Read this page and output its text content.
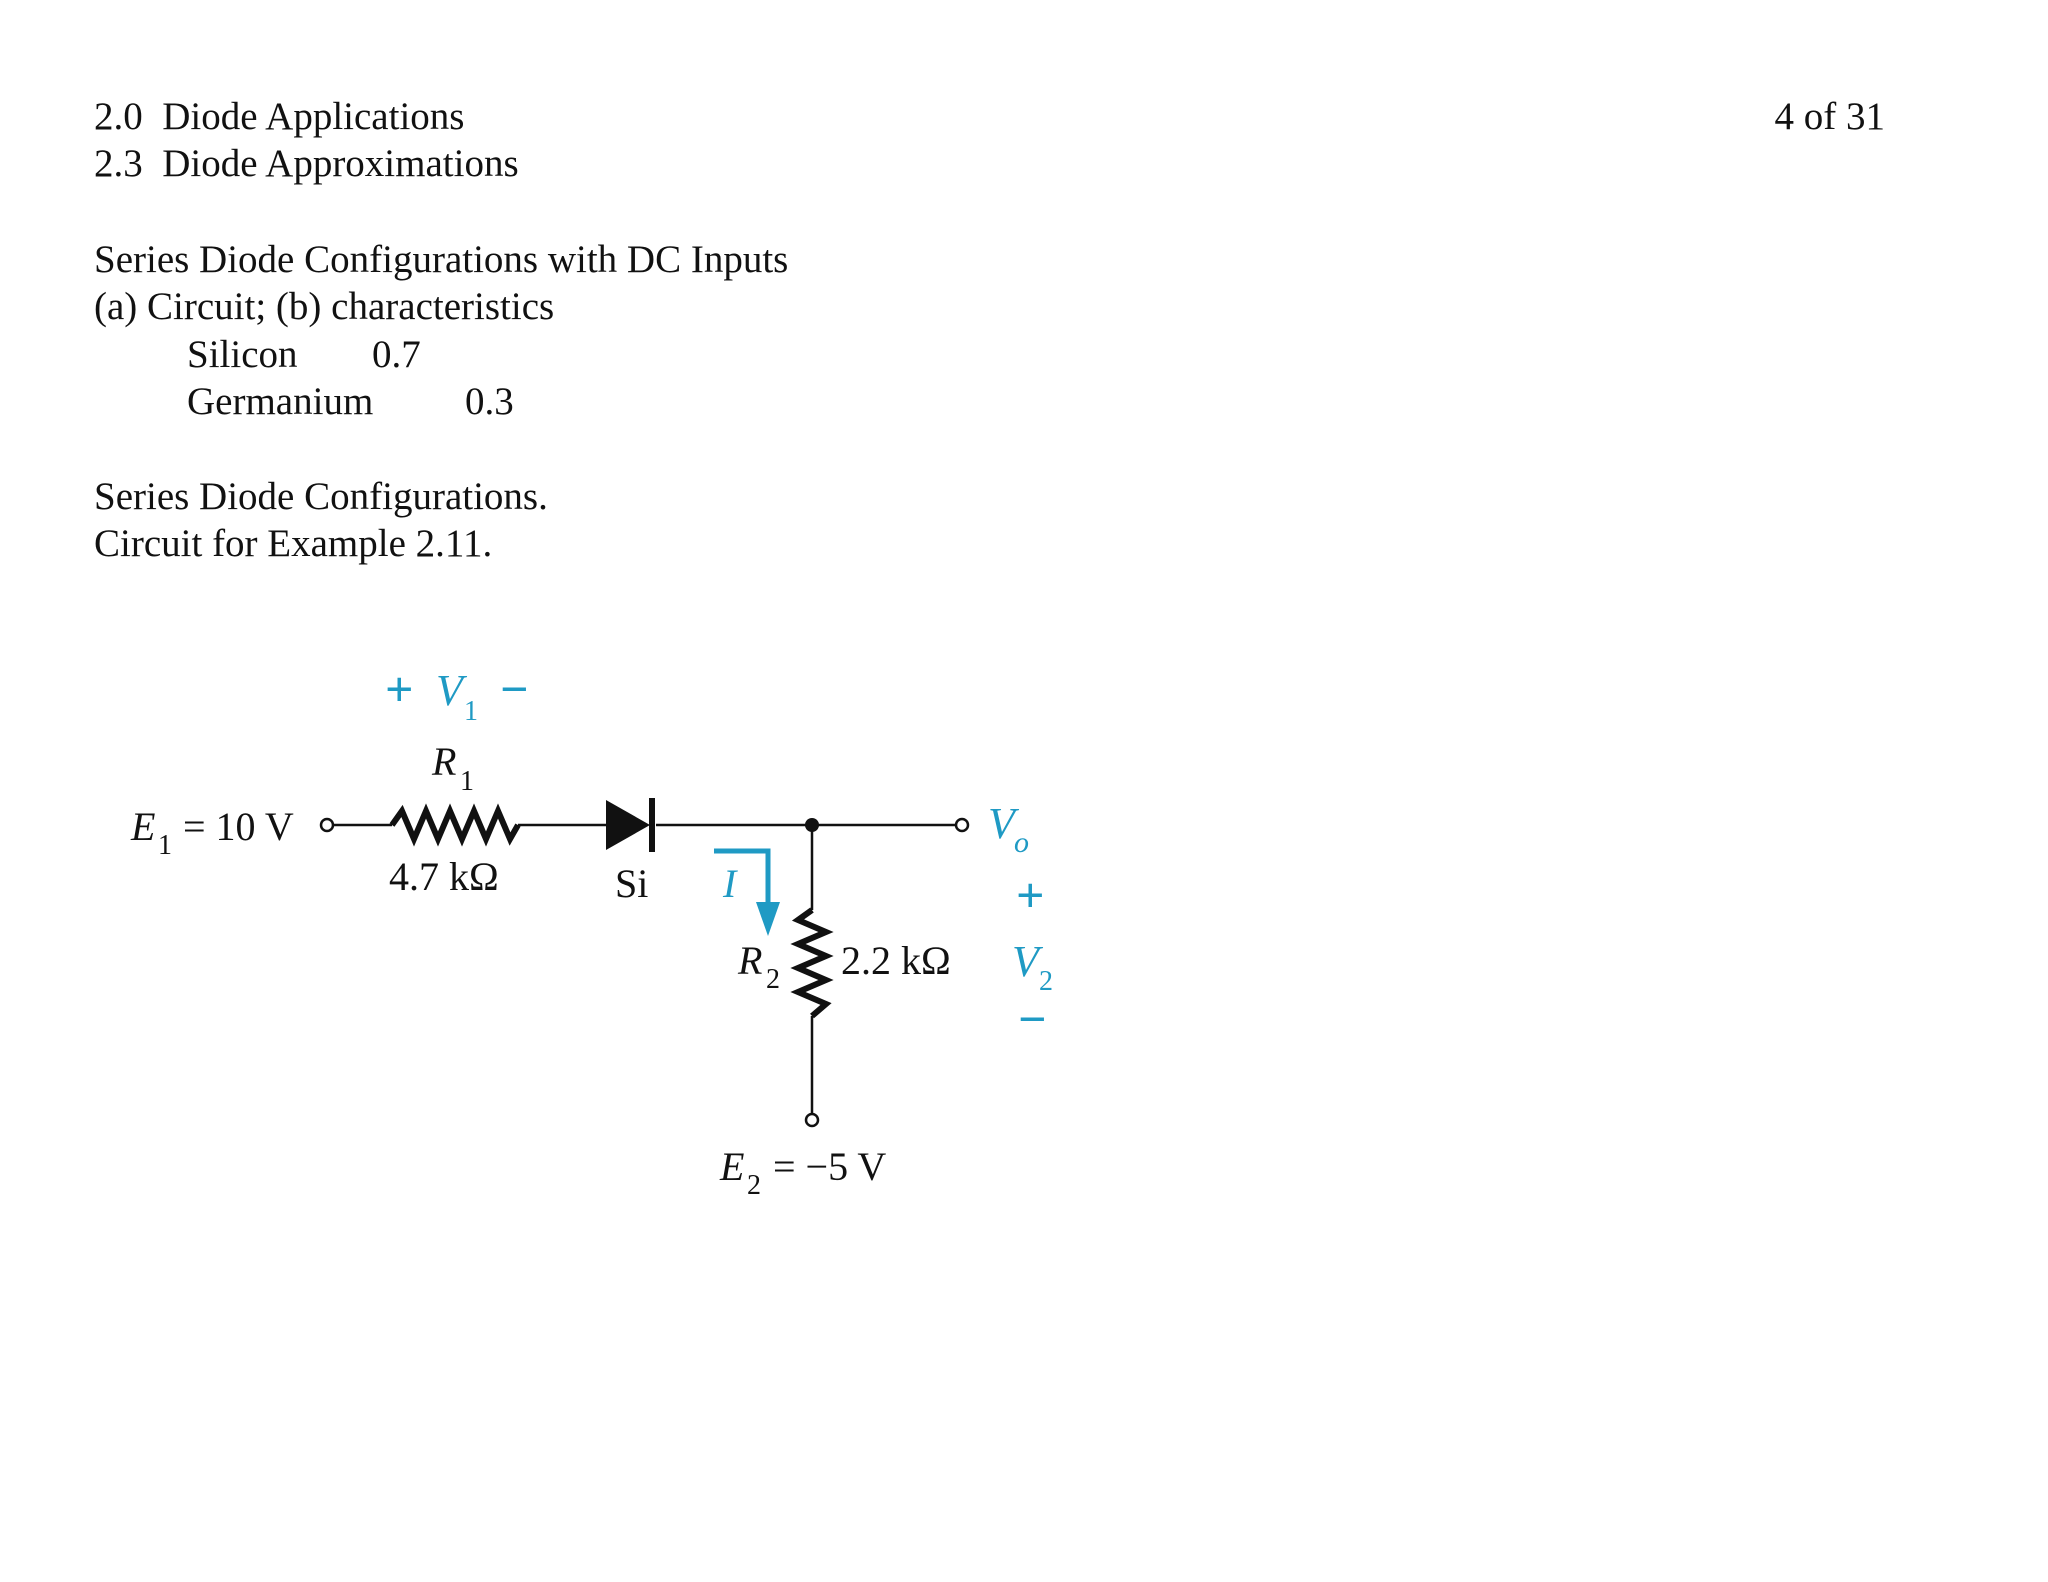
2.0  Diode Applications
2.3  Diode Approximations
4 of 31
Series Diode Configurations with DC Inputs
(a) Circuit; (b) characteristics
Silicon 0.7
Germanium 0.3
Series Diode Configurations.
Circuit for Example 2.11.
+ V 1 −
R 1
4.7 kΩ
E 1 = 10 V
Si I
V o
R 2 2.2 kΩ
+
V 2
−
E 2 = −5 V
